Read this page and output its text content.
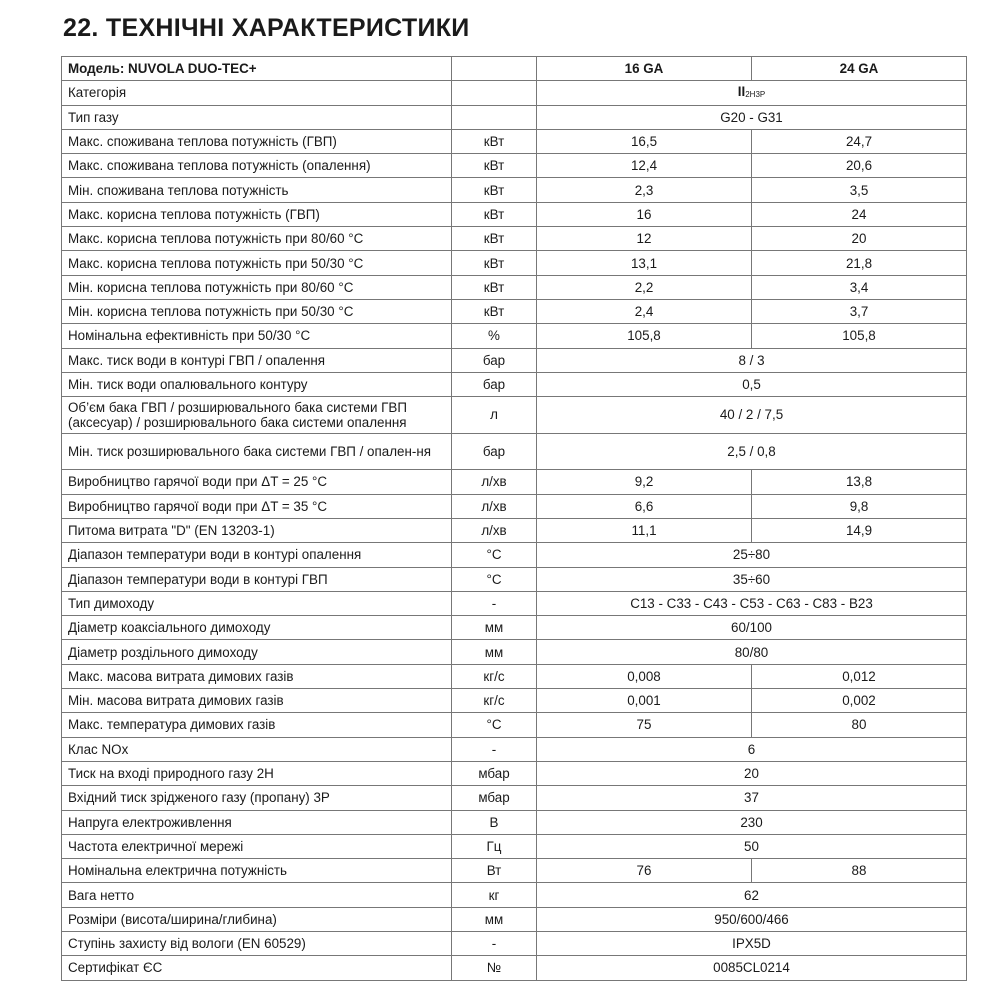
22. ТЕХНІЧНІ ХАРАКТЕРИСТИКИ
Модель: NUVOLA DUO-TEC+		16 GA	24 GA
Категорія		$II_{2H3P}$
Тип газу		G20 - G31	
Макс. споживана теплова потужність (ГВП)	кВт	16,5	24,7
Макс. споживана теплова потужність (опалення)	кВт	12,4	20,6
Мін. споживана теплова потужність	кВт	2,3	3,5
Макс. корисна теплова потужність (ГВП)	кВт	16	24
Макс. корисна теплова потужність при 80/60 °C	кВт	12	20
Макс. корисна теплова потужність при 50/30 °C	кВт	13,1	21,8
Мін. корисна теплова потужність при 80/60 °C	кВт	2,2	3,4
Мін. корисна теплова потужність при 50/30 °C	кВт	2,4	3,7
Номінальна ефективність при 50/30 °C	%	105,8	105,8
Макс. тиск води в контурі ГВП / опалення	бар	8 / 3	
Мін. тиск води опалювального контуру	бар	0,5	
Об’єм бака ГВП / розширювального бака системи ГВП (аксесуар) / розширювального бака системи опалення	л	40 / 2 / 7,5	
Мін. тиск розширювального бака системи ГВП / опален-ня	бар	2,5 / 0,8	
Виробництво гарячої води при ΔT = 25 °C	л/хв	9,2	13,8
Виробництво гарячої води при ΔT = 35 °C	л/хв	6,6	9,8
Питома витрата "D" (EN 13203-1)	л/хв	11,1	14,9
Діапазон температури води в контурі опалення	°C	25÷80	
Діапазон температури води в контурі ГВП	°C	35÷60	
Тип димоходу	-	C13 - C33 - C43 - C53 - C63 - C83 - B23	
Діаметр коаксіального димоходу	мм	60/100	
Діаметр роздільного димоходу	мм	80/80	
Макс. масова витрата димових газів	кг/с	0,008	0,012
Мін. масова витрата димових газів	кг/с	0,001	0,002
Макс. температура димових газів	°C	75	80
Клас NOx	-	6	
Тиск на вході природного газу 2H	мбар	20	
Вхідний тиск зрідженого газу (пропану) 3P	мбар	37	
Напруга електроживлення	В	230	
Частота електричної мережі	Гц	50	
Номінальна електрична потужність	Вт	76	88
Вага нетто	кг	62	
Розміри (висота/ширина/глибина)	мм	950/600/466	
Ступінь захисту від вологи (EN 60529)	-	IPX5D	
Сертифікат ЄС	№	0085CL0214	
